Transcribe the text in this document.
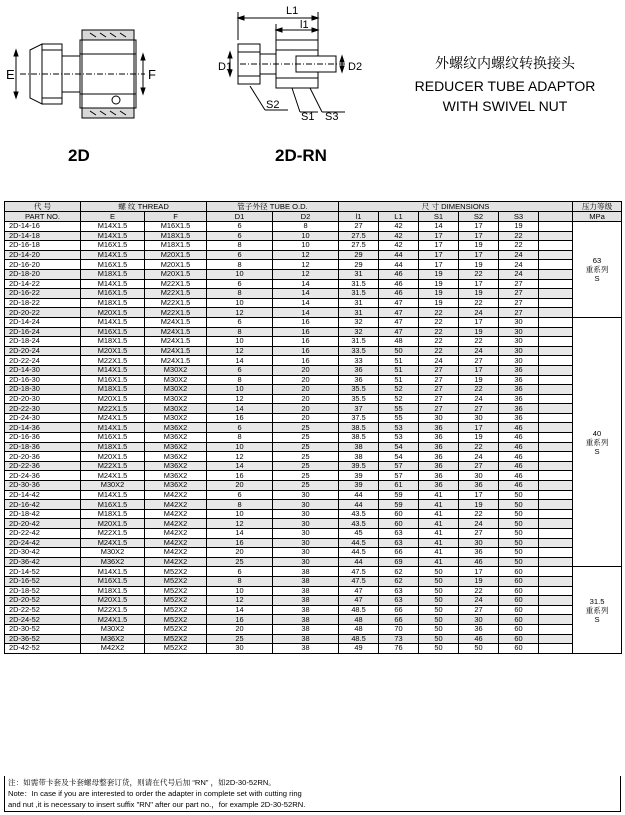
E	F
L1
l1
D1	D2
S2
S1 S3
2D	2D-RN
外螺纹内螺纹转换接头
REDUCER TUBE ADAPTOR
WITH SWIVEL NUT
代 号	螺 纹 THREAD		管子外径 TUBE O.D.		尺 寸 DIMENSIONS						压力等级
PART NO.	E	F	D1	D2	l1	L1	S1	S2	S3		MPa
2D-14-16	M14X1.5	M16X1.5	6	8	27	42	14	17	19		63
重系列
S

2D-14-18	M14X1.5	M18X1.5	6	10	27.5	42	17	17	22		
2D-16-18	M16X1.5	M18X1.5	8	10	27.5	42	17	19	22		
2D-14-20	M14X1.5	M20X1.5	6	12	29	44	17	17	24		
2D-16-20	M16X1.5	M20X1.5	8	12	29	44	17	19	24		
2D-18-20	M18X1.5	M20X1.5	10	12	31	46	19	22	24		
2D-14-22	M14X1.5	M22X1.5	6	14	31.5	46	19	17	27		
2D-16-22	M16X1.5	M22X1.5	8	14	31.5	46	19	19	27		
2D-18-22	M18X1.5	M22X1.5	10	14	31	47	19	22	27		
2D-20-22	M20X1.5	M22X1.5	12	14	31	47	22	24	27		
2D-14-24	M14X1.5	M24X1.5	6	16	32	47	22	17	30		40
重系列
S

2D-16-24	M16X1.5	M24X1.5	8	16	32	47	22	19	30		
2D-18-24	M18X1.5	M24X1.5	10	16	31.5	48	22	22	30		
2D-20-24	M20X1.5	M24X1.5	12	16	33.5	50	22	24	30		
2D-22-24	M22X1.5	M24X1.5	14	16	33	51	24	27	30		
2D-14-30	M14X1.5	M30X2	6	20	36	51	27	17	36		
2D-16-30	M16X1.5	M30X2	8	20	36	51	27	19	36		
2D-18-30	M18X1.5	M30X2	10	20	35.5	52	27	22	36		
2D-20-30	M20X1.5	M30X2	12	20	35.5	52	27	24	36		
2D-22-30	M22X1.5	M30X2	14	20	37	55	27	27	36		
2D-24-30	M24X1.5	M30X2	16	20	37.5	55	30	30	36		
2D-14-36	M14X1.5	M36X2	6	25	38.5	53	36	17	46		
2D-16-36	M16X1.5	M36X2	8	25	38.5	53	36	19	46		
2D-18-36	M18X1.5	M36X2	10	25	38	54	36	22	46		
2D-20-36	M20X1.5	M36X2	12	25	38	54	36	24	46		
2D-22-36	M22X1.5	M36X2	14	25	39.5	57	36	27	46		
2D-24-36	M24X1.5	M36X2	16	25	39	57	36	30	46		
2D-30-36	M30X2	M36X2	20	25	39	61	36	36	46		
2D-14-42	M14X1.5	M42X2	6	30	44	59	41	17	50		
2D-16-42	M16X1.5	M42X2	8	30	44	59	41	19	50		
2D-18-42	M18X1.5	M42X2	10	30	43.5	60	41	22	50		
2D-20-42	M20X1.5	M42X2	12	30	43.5	60	41	24	50		
2D-22-42	M22X1.5	M42X2	14	30	45	63	41	27	50		
2D-24-42	M24X1.5	M42X2	16	30	44.5	63	41	30	50		
2D-30-42	M30X2	M42X2	20	30	44.5	66	41	36	50		
2D-36-42	M36X2	M42X2	25	30	44	69	41	46	50		
2D-14-52	M14X1.5	M52X2	6	38	47.5	62	50	17	60		31.5
重系列
S

2D-16-52	M16X1.5	M52X2	8	38	47.5	62	50	19	60		
2D-18-52	M18X1.5	M52X2	10	38	47	63	50	22	60		
2D-20-52	M20X1.5	M52X2	12	38	47	63	50	24	60		
2D-22-52	M22X1.5	M52X2	14	38	48.5	66	50	27	60		
2D-24-52	M24X1.5	M52X2	16	38	48	66	50	30	60		
2D-30-52	M30X2	M52X2	20	38	48	70	50	36	60		
2D-36-52	M36X2	M52X2	25	38	48.5	73	50	46	60		
2D-42-52	M42X2	M52X2	30	38	49	76	50	50	60		
注：如需带卡套及卡套螺母整套订货，则请在代号后加 “RN” ，如2D-30-52RN。
Note：In case if you are interested to order the adapter in complete set with cutting ring
and nut ,it is necessary to insert suffix "RN" after our part no.，for example 2D-30-52RN.
